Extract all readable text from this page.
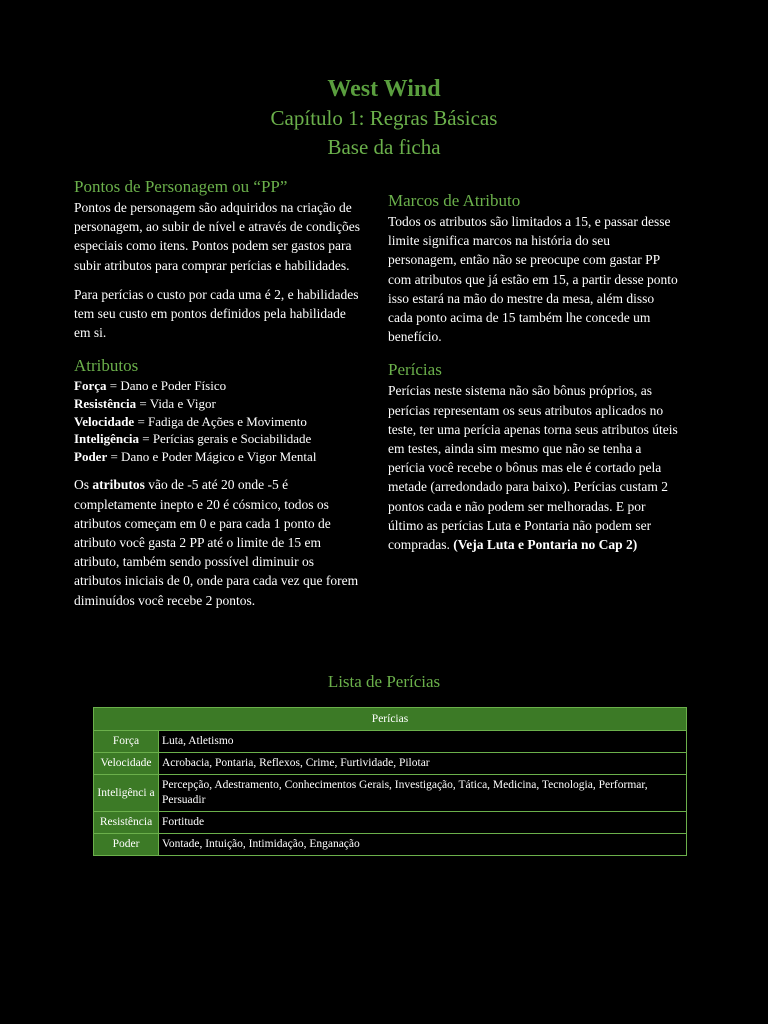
West Wind

Capítulo 1: Regras Básicas

Base da ficha

Pontos de Personagem ou “PP”

Pontos de personagem são adquiridos na criação de personagem, ao subir de nível e através de condições especiais como itens. Pontos podem ser gastos para subir atributos para comprar perícias e habilidades.

Para perícias o custo por cada uma é 2, e habilidades tem seu custo em pontos definidos pela habilidade em si.

Atributos
Força = Dano e Poder Físico
Resistência = Vida e Vigor
Velocidade = Fadiga de Ações e Movimento
Inteligência = Perícias gerais e Sociabilidade
Poder = Dano e Poder Mágico e Vigor Mental

Os atributos vão de -5 até 20 onde -5 é completamente inepto e 20 é cósmico, todos os atributos começam em 0 e para cada 1 ponto de atributo você gasta 2 PP até o limite de 15 em atributo, também sendo possível diminuir os atributos iniciais de 0, onde para cada vez que forem diminuídos você recebe 2 pontos.

Marcos de Atributo

Todos os atributos são limitados a 15, e passar desse limite significa marcos na história do seu personagem, então não se preocupe com gastar PP com atributos que já estão em 15, a partir desse ponto isso estará na mão do mestre da mesa, além disso cada ponto acima de 15 também lhe concede um benefício.

Perícias

Perícias neste sistema não são bônus próprios, as perícias representam os seus atributos aplicados no teste, ter uma perícia apenas torna seus atributos úteis em testes, ainda sim mesmo que não se tenha a perícia você recebe o bônus mas ele é cortado pela metade (arredondado para baixo). Perícias custam 2 pontos cada e não podem ser melhoradas. E por último as perícias Luta e Pontaria não podem ser compradas. (Veja Luta e Pontaria no Cap 2)

Lista de Perícias

Perícias	
Força	Luta, Atletismo
Velocidade	Acrobacia, Pontaria, Reflexos, Crime, Furtividade, Pilotar
Inteligênci a	Percepção, Adestramento, Conhecimentos Gerais, Investigação, Tática, Medicina, Tecnologia, Performar, Persuadir
Resistência	Fortitude
Poder	Vontade, Intuição, Intimidação, Enganação
